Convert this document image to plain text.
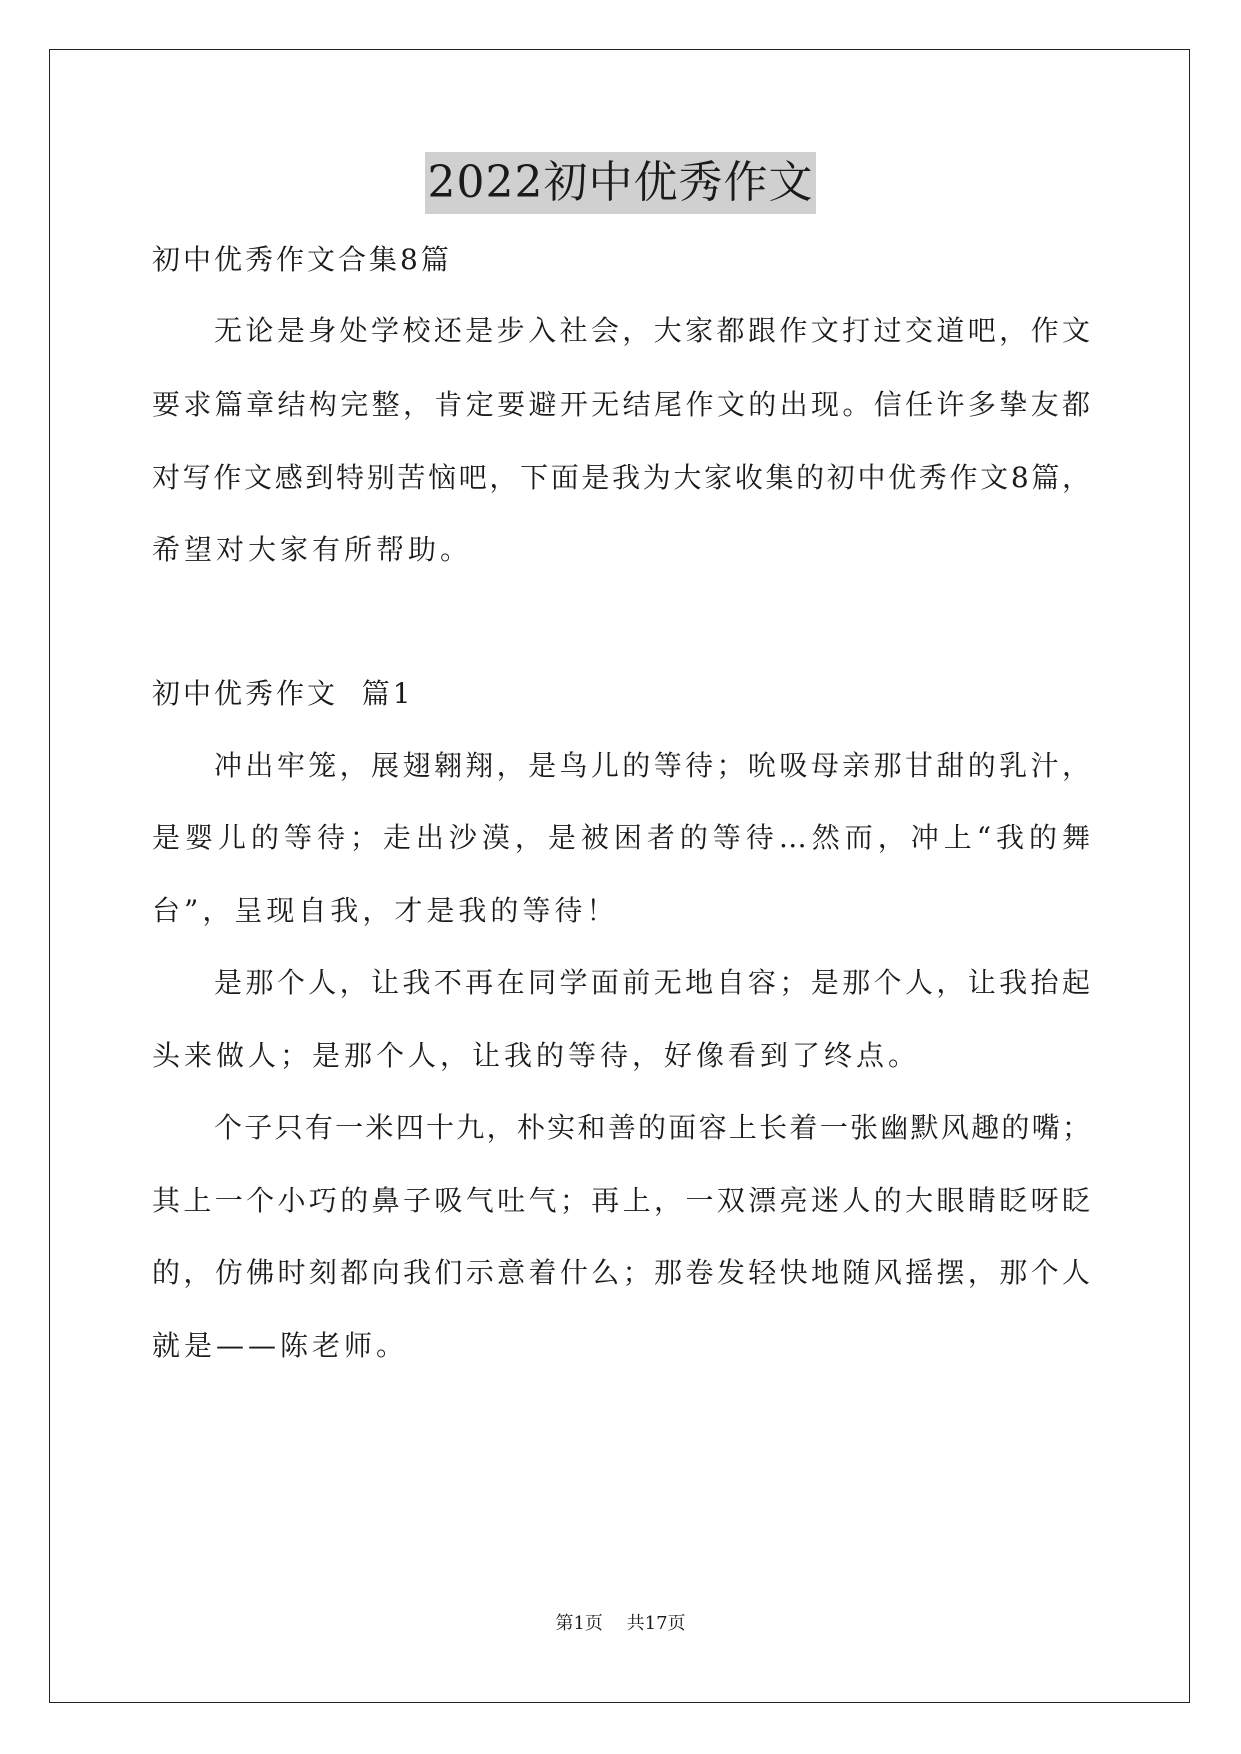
2022初中优秀作文
初中优秀作文合集8篇
无论是身处学校还是步入社会，大家都跟作文打过交道吧，作文
要求篇章结构完整，肯定要避开无结尾作文的出现。信任许多挚友都
对写作文感到特别苦恼吧，下面是我为大家收集的初中优秀作文8篇，
希望对大家有所帮助。
初中优秀作文  篇1
冲出牢笼，展翅翱翔，是鸟儿的等待；吮吸母亲那甘甜的乳汁，
是婴儿的等待；走出沙漠，是被困者的等待…然而，冲上“我的舞
台”，呈现自我，才是我的等待！
是那个人，让我不再在同学面前无地自容；是那个人，让我抬起
头来做人；是那个人，让我的等待，好像看到了终点。
个子只有一米四十九，朴实和善的面容上长着一张幽默风趣的嘴；
其上一个小巧的鼻子吸气吐气；再上，一双漂亮迷人的大眼睛眨呀眨
的，仿佛时刻都向我们示意着什么；那卷发轻快地随风摇摆，那个人
就是——陈老师。
第1页 共17页
